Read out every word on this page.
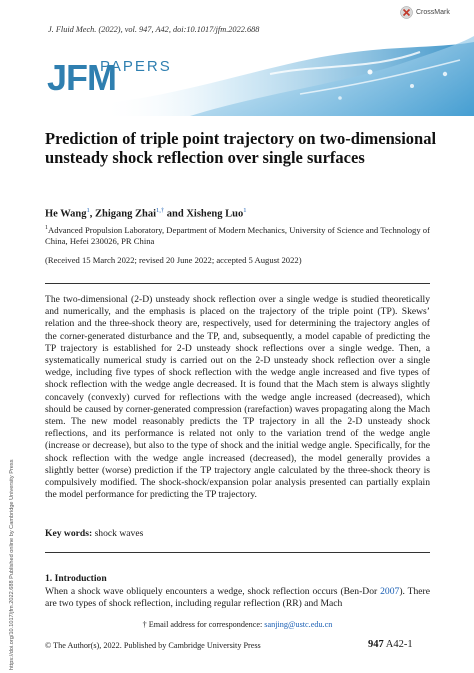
J. Fluid Mech. (2022), vol. 947, A42, doi:10.1017/jfm.2022.688
CrossMark
JFM
PAPERS
Prediction of triple point trajectory on two-dimensional unsteady shock reflection over single surfaces
He Wang$^1$, Zhigang Zhai$^{1,\dagger}$ and Xisheng Luo$^1$
$^1$Advanced Propulsion Laboratory, Department of Modern Mechanics, University of Science and Technology of China, Hefei 230026, PR China
(Received 15 March 2022; revised 20 June 2022; accepted 5 August 2022)
The two-dimensional (2-D) unsteady shock reflection over a single wedge is studied theoretically and numerically, and the emphasis is placed on the trajectory of the triple point (TP). Skews’ relation and the three-shock theory are, respectively, used for determining the trajectory angles of the corner-generated disturbance and the TP, and, subsequently, a model capable of predicting the TP trajectory is established for 2-D unsteady shock reflections over a single wedge. Then, a systematically numerical study is carried out on the 2-D unsteady shock reflection over a single wedge, including five types of shock reflection with the wedge angle increased and five types of shock reflection with the wedge angle decreased. It is found that the Mach stem is always slightly concavely (convexly) curved for reflections with the wedge angle increased (decreased), which should be caused by corner-generated compression (rarefaction) waves propagating along the Mach stem. The new model reasonably predicts the TP trajectory in all the 2-D unsteady shock reflections, and its performance is related not only to the variation trend of the wedge angle (increase or decrease), but also to the type of shock and the initial wedge angle. Specifically, for the shock reflection with the wedge angle increased (decreased), the model generally provides a slightly better (worse) prediction if the TP trajectory angle calculated by the three-shock theory is compulsively modified. The shock-shock/expansion polar analysis presented can partially explain the model performance for predicting the TP trajectory.
Key words: shock waves
1. Introduction
When a shock wave obliquely encounters a wedge, shock reflection occurs (Ben-Dor 2007). There are two types of shock reflection, including regular reflection (RR) and Mach
† Email address for correspondence: sanjing@ustc.edu.cn
© The Author(s), 2022. Published by Cambridge University Press	947 A42-1
https://doi.org/10.1017/jfm.2022.688 Published online by Cambridge University Press
